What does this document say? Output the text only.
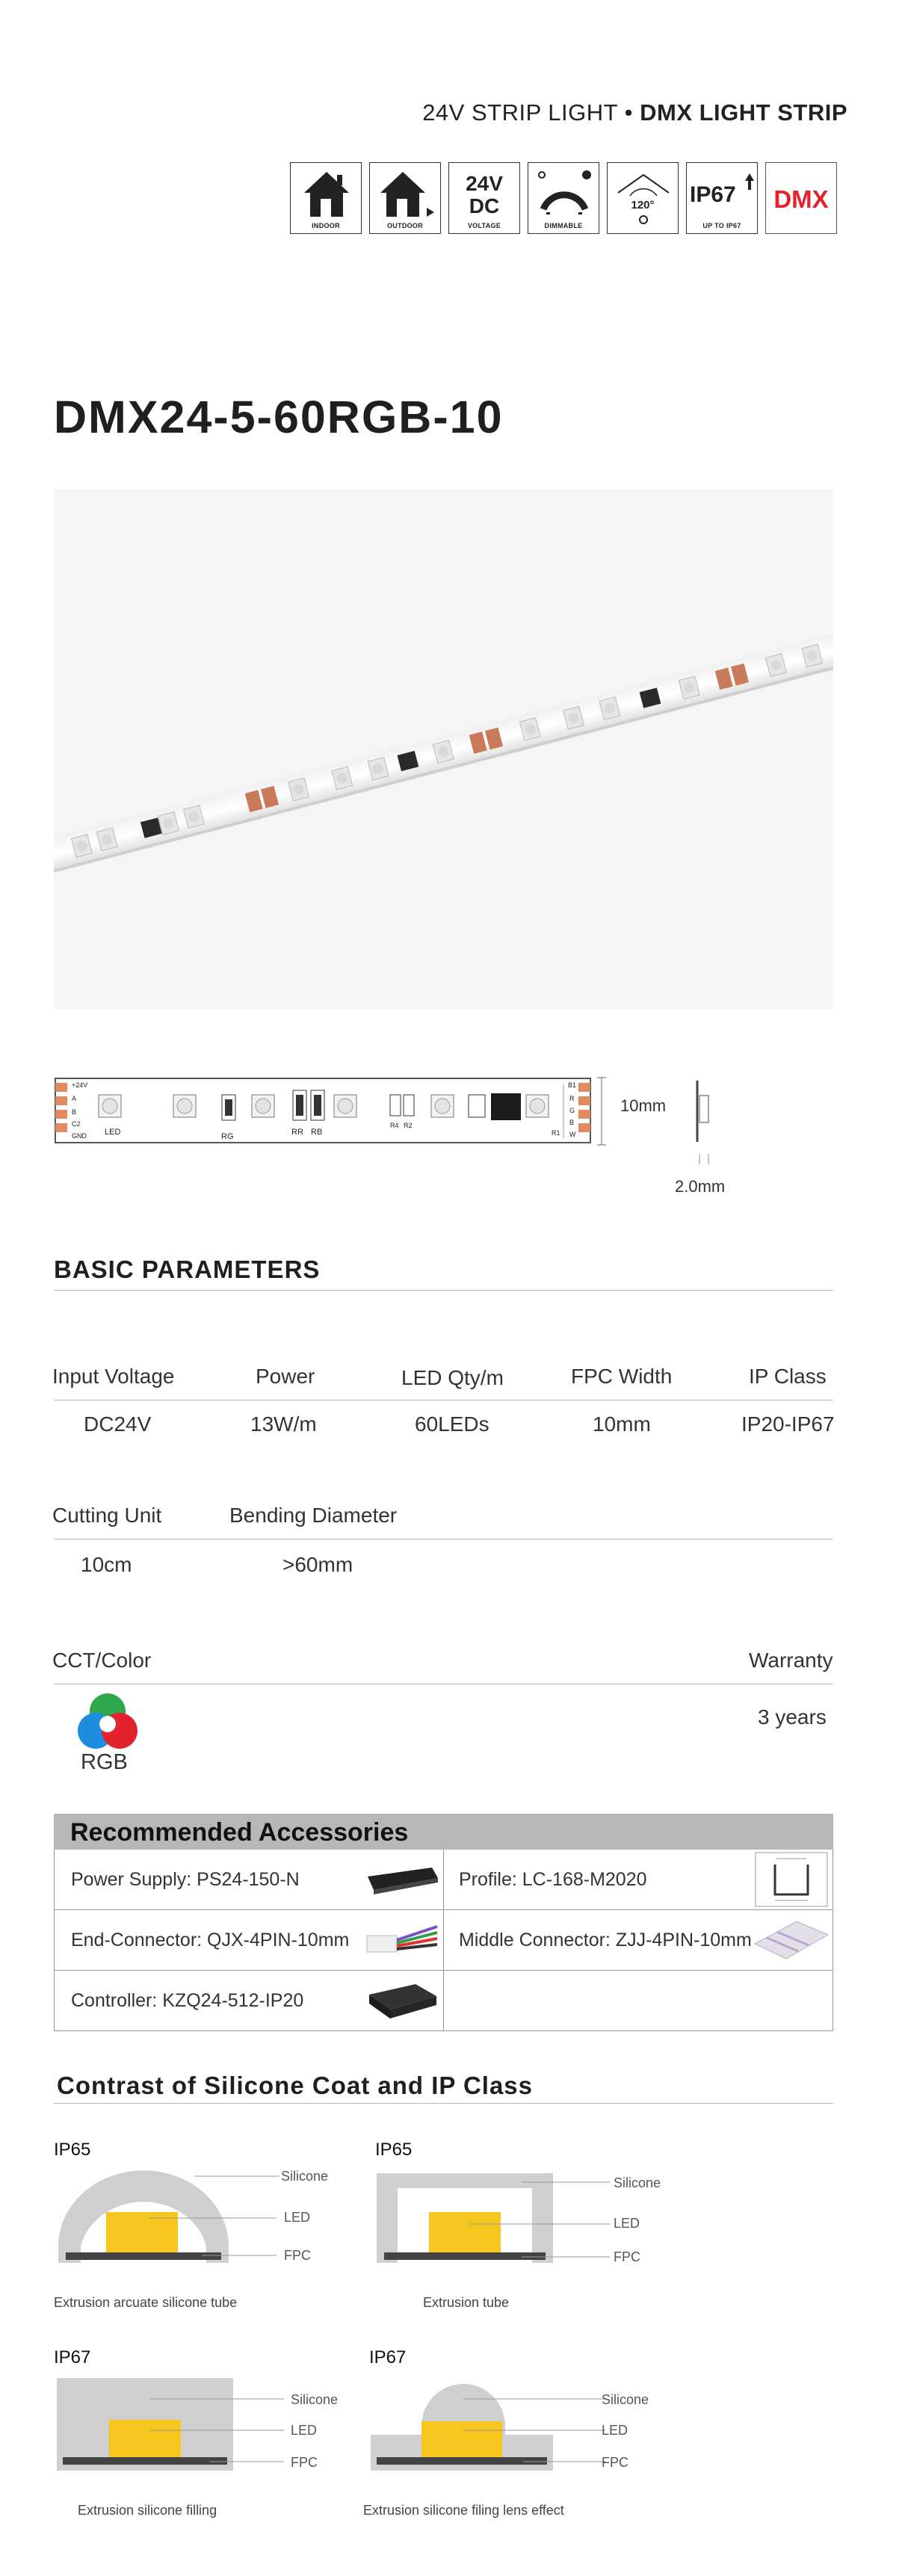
24V STRIP LIGHT • DMX LIGHT STRIP
INDOOR	OUTDOOR
24V
DC
VOLTAGE	DIMMABLE
120°	IP67
UP TO IP67
DMX
DMX24-5-60RGB-10
+24V
A
B
C2
GND LED	RG	RR RB
R4 R2
R1
B1
R
G
B
W
10mm
2.0mm
BASIC PARAMETERS
Input Voltage	Power	LED Qty/m	FPC Width	IP Class
DC24V	13W/m	60LEDs	10mm	IP20-IP67
Cutting Unit	Bending Diameter
10cm	>60mm
CCT/Color	Warranty
RGB
3 years
Recommended Accessories
Power Supply: PS24-150-N	Profile: LC-168-M2020
End-Connector: QJX-4PIN-10mm	Middle Connector: ZJJ-4PIN-10mm
Controller: KZQ24-512-IP20
Contrast of Silicone Coat and IP Class
IP65
Silicone
LED
FPC
Extrusion arcuate silicone tube
IP65
Silicone
LED
FPC
Extrusion tube
IP67
Silicone
LED
FPC
Extrusion silicone filling
IP67
Silicone
LED
FPC
Extrusion silicone filing lens effect
